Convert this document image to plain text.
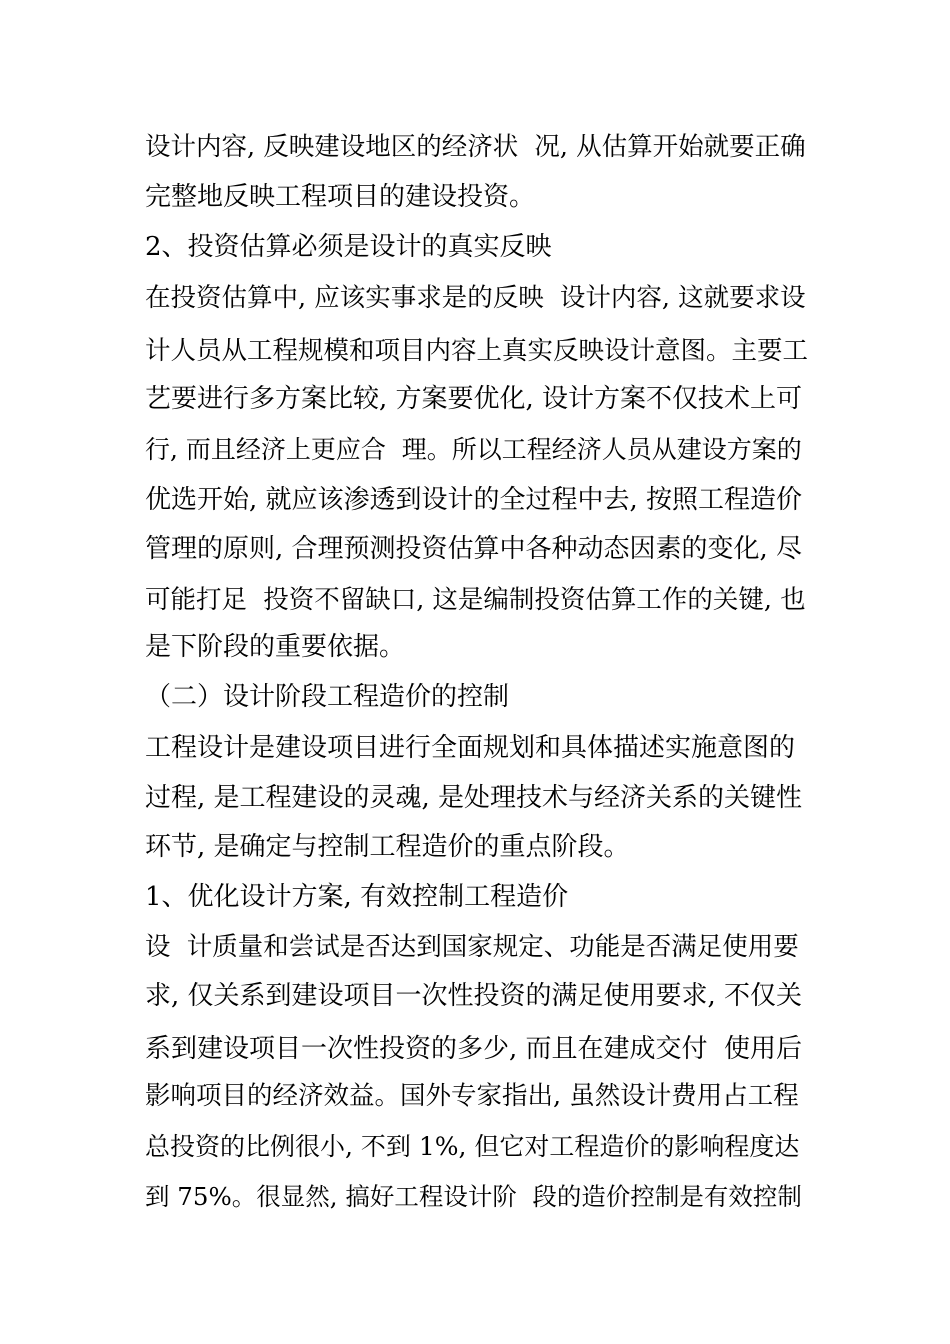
设计内容, 反映建设地区的经济状  况, 从估算开始就要正确
完整地反映工程项目的建设投资。
2、投资估算必须是设计的真实反映
在投资估算中, 应该实事求是的反映  设计内容, 这就要求设
计人员从工程规模和项目内容上真实反映设计意图。主要工
艺要进行多方案比较, 方案要优化, 设计方案不仅技术上可
行, 而且经济上更应合  理。所以工程经济人员从建设方案的
优选开始, 就应该渗透到设计的全过程中去, 按照工程造价
管理的原则, 合理预测投资估算中各种动态因素的变化, 尽
可能打足  投资不留缺口, 这是编制投资估算工作的关键, 也
是下阶段的重要依据。
（二）设计阶段工程造价的控制
工程设计是建设项目进行全面规划和具体描述实施意图的
过程, 是工程建设的灵魂, 是处理技术与经济关系的关键性
环节, 是确定与控制工程造价的重点阶段。
1、优化设计方案, 有效控制工程造价
设  计质量和尝试是否达到国家规定、功能是否满足使用要
求, 仅关系到建设项目一次性投资的满足使用要求, 不仅关
系到建设项目一次性投资的多少, 而且在建成交付  使用后
影响项目的经济效益。国外专家指出, 虽然设计费用占工程
总投资的比例很小, 不到 1%, 但它对工程造价的影响程度达
到 75%。很显然, 搞好工程设计阶  段的造价控制是有效控制
